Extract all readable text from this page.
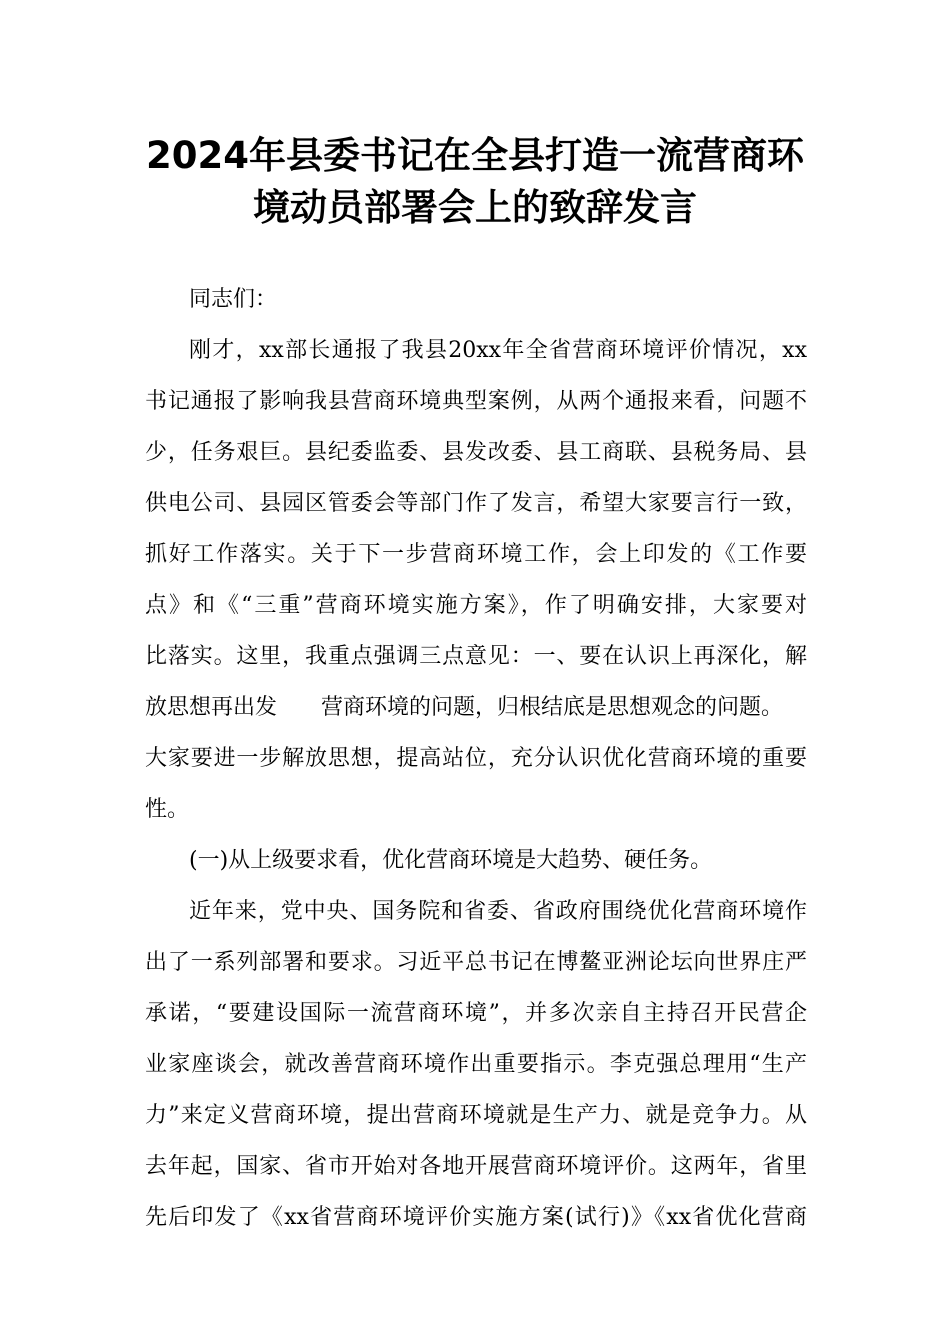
2024年县委书记在全县打造一流营商环
境动员部署会上的致辞发言
同志们：
刚才，xx部长通报了我县20xx年全省营商环境评价情况，xx
书记通报了影响我县营商环境典型案例，从两个通报来看，问题不
少，任务艰巨。县纪委监委、县发改委、县工商联、县税务局、县
供电公司、县园区管委会等部门作了发言，希望大家要言行一致，
抓好工作落实。关于下一步营商环境工作，会上印发的《工作要
点》和《“三重”营商环境实施方案》，作了明确安排，大家要对
比落实。这里，我重点强调三点意见：一、要在认识上再深化，解
放思想再出发 营商环境的问题，归根结底是思想观念的问题。
大家要进一步解放思想，提高站位，充分认识优化营商环境的重要
性。
(一)从上级要求看，优化营商环境是大趋势、硬任务。
近年来，党中央、国务院和省委、省政府围绕优化营商环境作
出了一系列部署和要求。习近平总书记在博鳌亚洲论坛向世界庄严
承诺，“要建设国际一流营商环境”，并多次亲自主持召开民营企
业家座谈会，就改善营商环境作出重要指示。李克强总理用“生产
力”来定义营商环境，提出营商环境就是生产力、就是竞争力。从
去年起，国家、省市开始对各地开展营商环境评价。这两年，省里
先后印发了《xx省营商环境评价实施方案(试行)》《xx省优化营商
